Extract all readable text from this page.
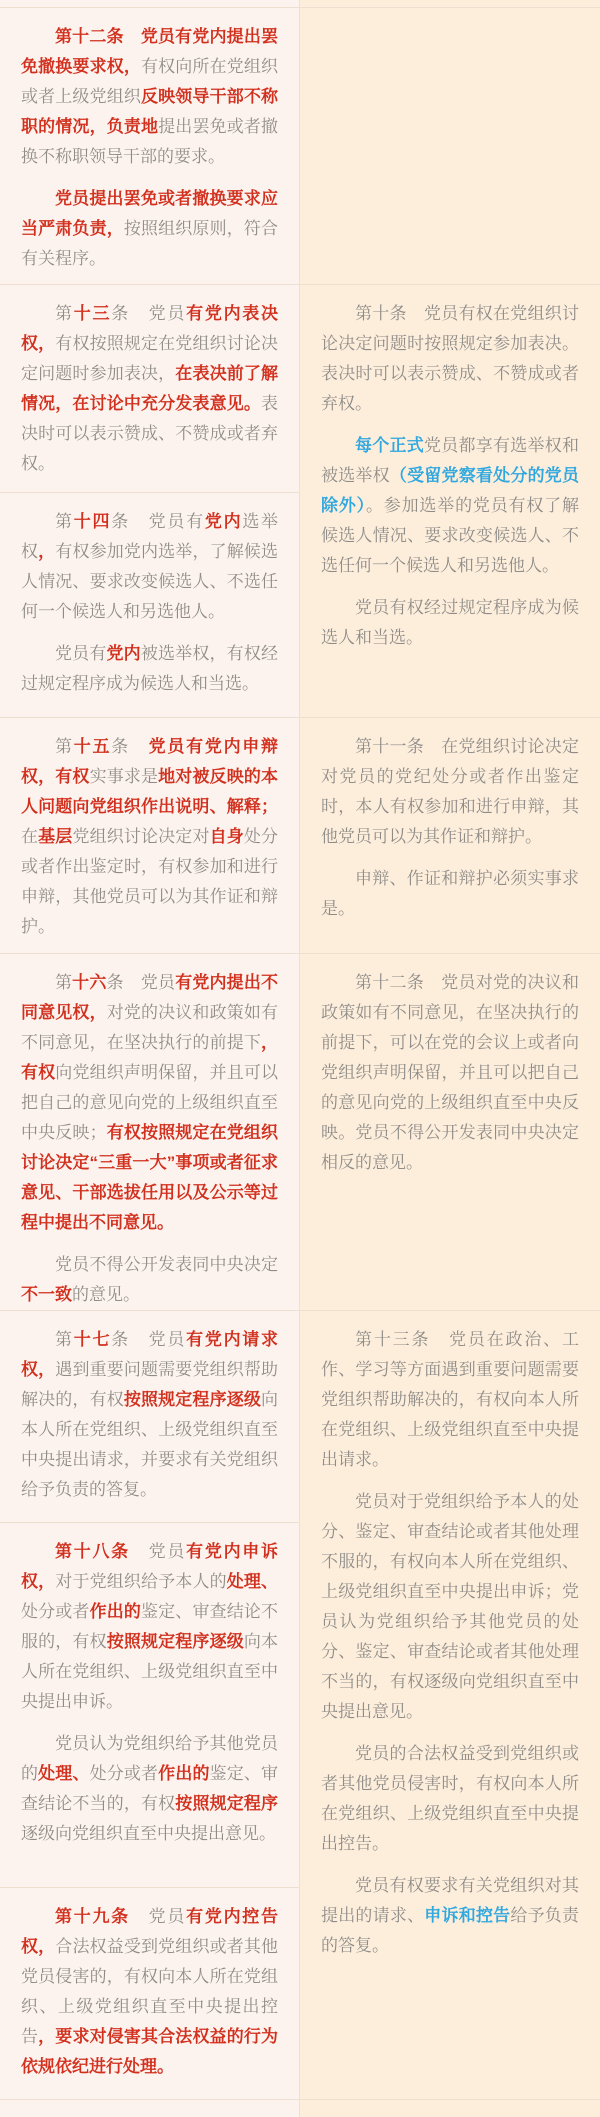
第十二条　党员有党内提出罢免撤换要求权，有权向所在党组织或者上级党组织反映领导干部不称职的情况，负责地提出罢免或者撤换不称职领导干部的要求。

党员提出罢免或者撤换要求应当严肃负责，按照组织原则，符合有关程序。

第十三条　党员有党内表决权，有权按照规定在党组织讨论决定问题时参加表决，在表决前了解情况，在讨论中充分发表意见。表决时可以表示赞成、不赞成或者弃权。

第十四条　党员有党内选举权，有权参加党内选举，了解候选人情况、要求改变候选人、不选任何一个候选人和另选他人。

党员有党内被选举权，有权经过规定程序成为候选人和当选。

第十条　党员有权在党组织讨论决定问题时按照规定参加表决。表决时可以表示赞成、不赞成或者弃权。

每个正式党员都享有选举权和被选举权（受留党察看处分的党员除外）。参加选举的党员有权了解候选人情况、要求改变候选人、不选任何一个候选人和另选他人。

党员有权经过规定程序成为候选人和当选。

第十五条　党员有党内申辩权，有权实事求是地对被反映的本人问题向党组织作出说明、解释；在基层党组织讨论决定对自身处分或者作出鉴定时，有权参加和进行申辩，其他党员可以为其作证和辩护。

第十一条　在党组织讨论决定对党员的党纪处分或者作出鉴定时，本人有权参加和进行申辩，其他党员可以为其作证和辩护。

申辩、作证和辩护必须实事求是。

第十六条　党员有党内提出不同意见权，对党的决议和政策如有不同意见，在坚决执行的前提下，有权向党组织声明保留，并且可以把自己的意见向党的上级组织直至中央反映；有权按照规定在党组织讨论决定“三重一大”事项或者征求意见、干部选拔任用以及公示等过程中提出不同意见。

党员不得公开发表同中央决定不一致的意见。

第十二条　党员对党的决议和政策如有不同意见，在坚决执行的前提下，可以在党的会议上或者向党组织声明保留，并且可以把自己的意见向党的上级组织直至中央反映。党员不得公开发表同中央决定相反的意见。

第十七条　党员有党内请求权，遇到重要问题需要党组织帮助解决的，有权按照规定程序逐级向本人所在党组织、上级党组织直至中央提出请求，并要求有关党组织给予负责的答复。

第十八条　党员有党内申诉权，对于党组织给予本人的处理、处分或者作出的鉴定、审查结论不服的，有权按照规定程序逐级向本人所在党组织、上级党组织直至中央提出申诉。

党员认为党组织给予其他党员的处理、处分或者作出的鉴定、审查结论不当的，有权按照规定程序逐级向党组织直至中央提出意见。

第十九条　党员有党内控告权，合法权益受到党组织或者其他党员侵害的，有权向本人所在党组织、上级党组织直至中央提出控告，要求对侵害其合法权益的行为依规依纪进行处理。

第十三条　党员在政治、工作、学习等方面遇到重要问题需要党组织帮助解决的，有权向本人所在党组织、上级党组织直至中央提出请求。

党员对于党组织给予本人的处分、鉴定、审查结论或者其他处理不服的，有权向本人所在党组织、上级党组织直至中央提出申诉；党员认为党组织给予其他党员的处分、鉴定、审查结论或者其他处理不当的，有权逐级向党组织直至中央提出意见。

党员的合法权益受到党组织或者其他党员侵害时，有权向本人所在党组织、上级党组织直至中央提出控告。

党员有权要求有关党组织对其提出的请求、申诉和控告给予负责的答复。
